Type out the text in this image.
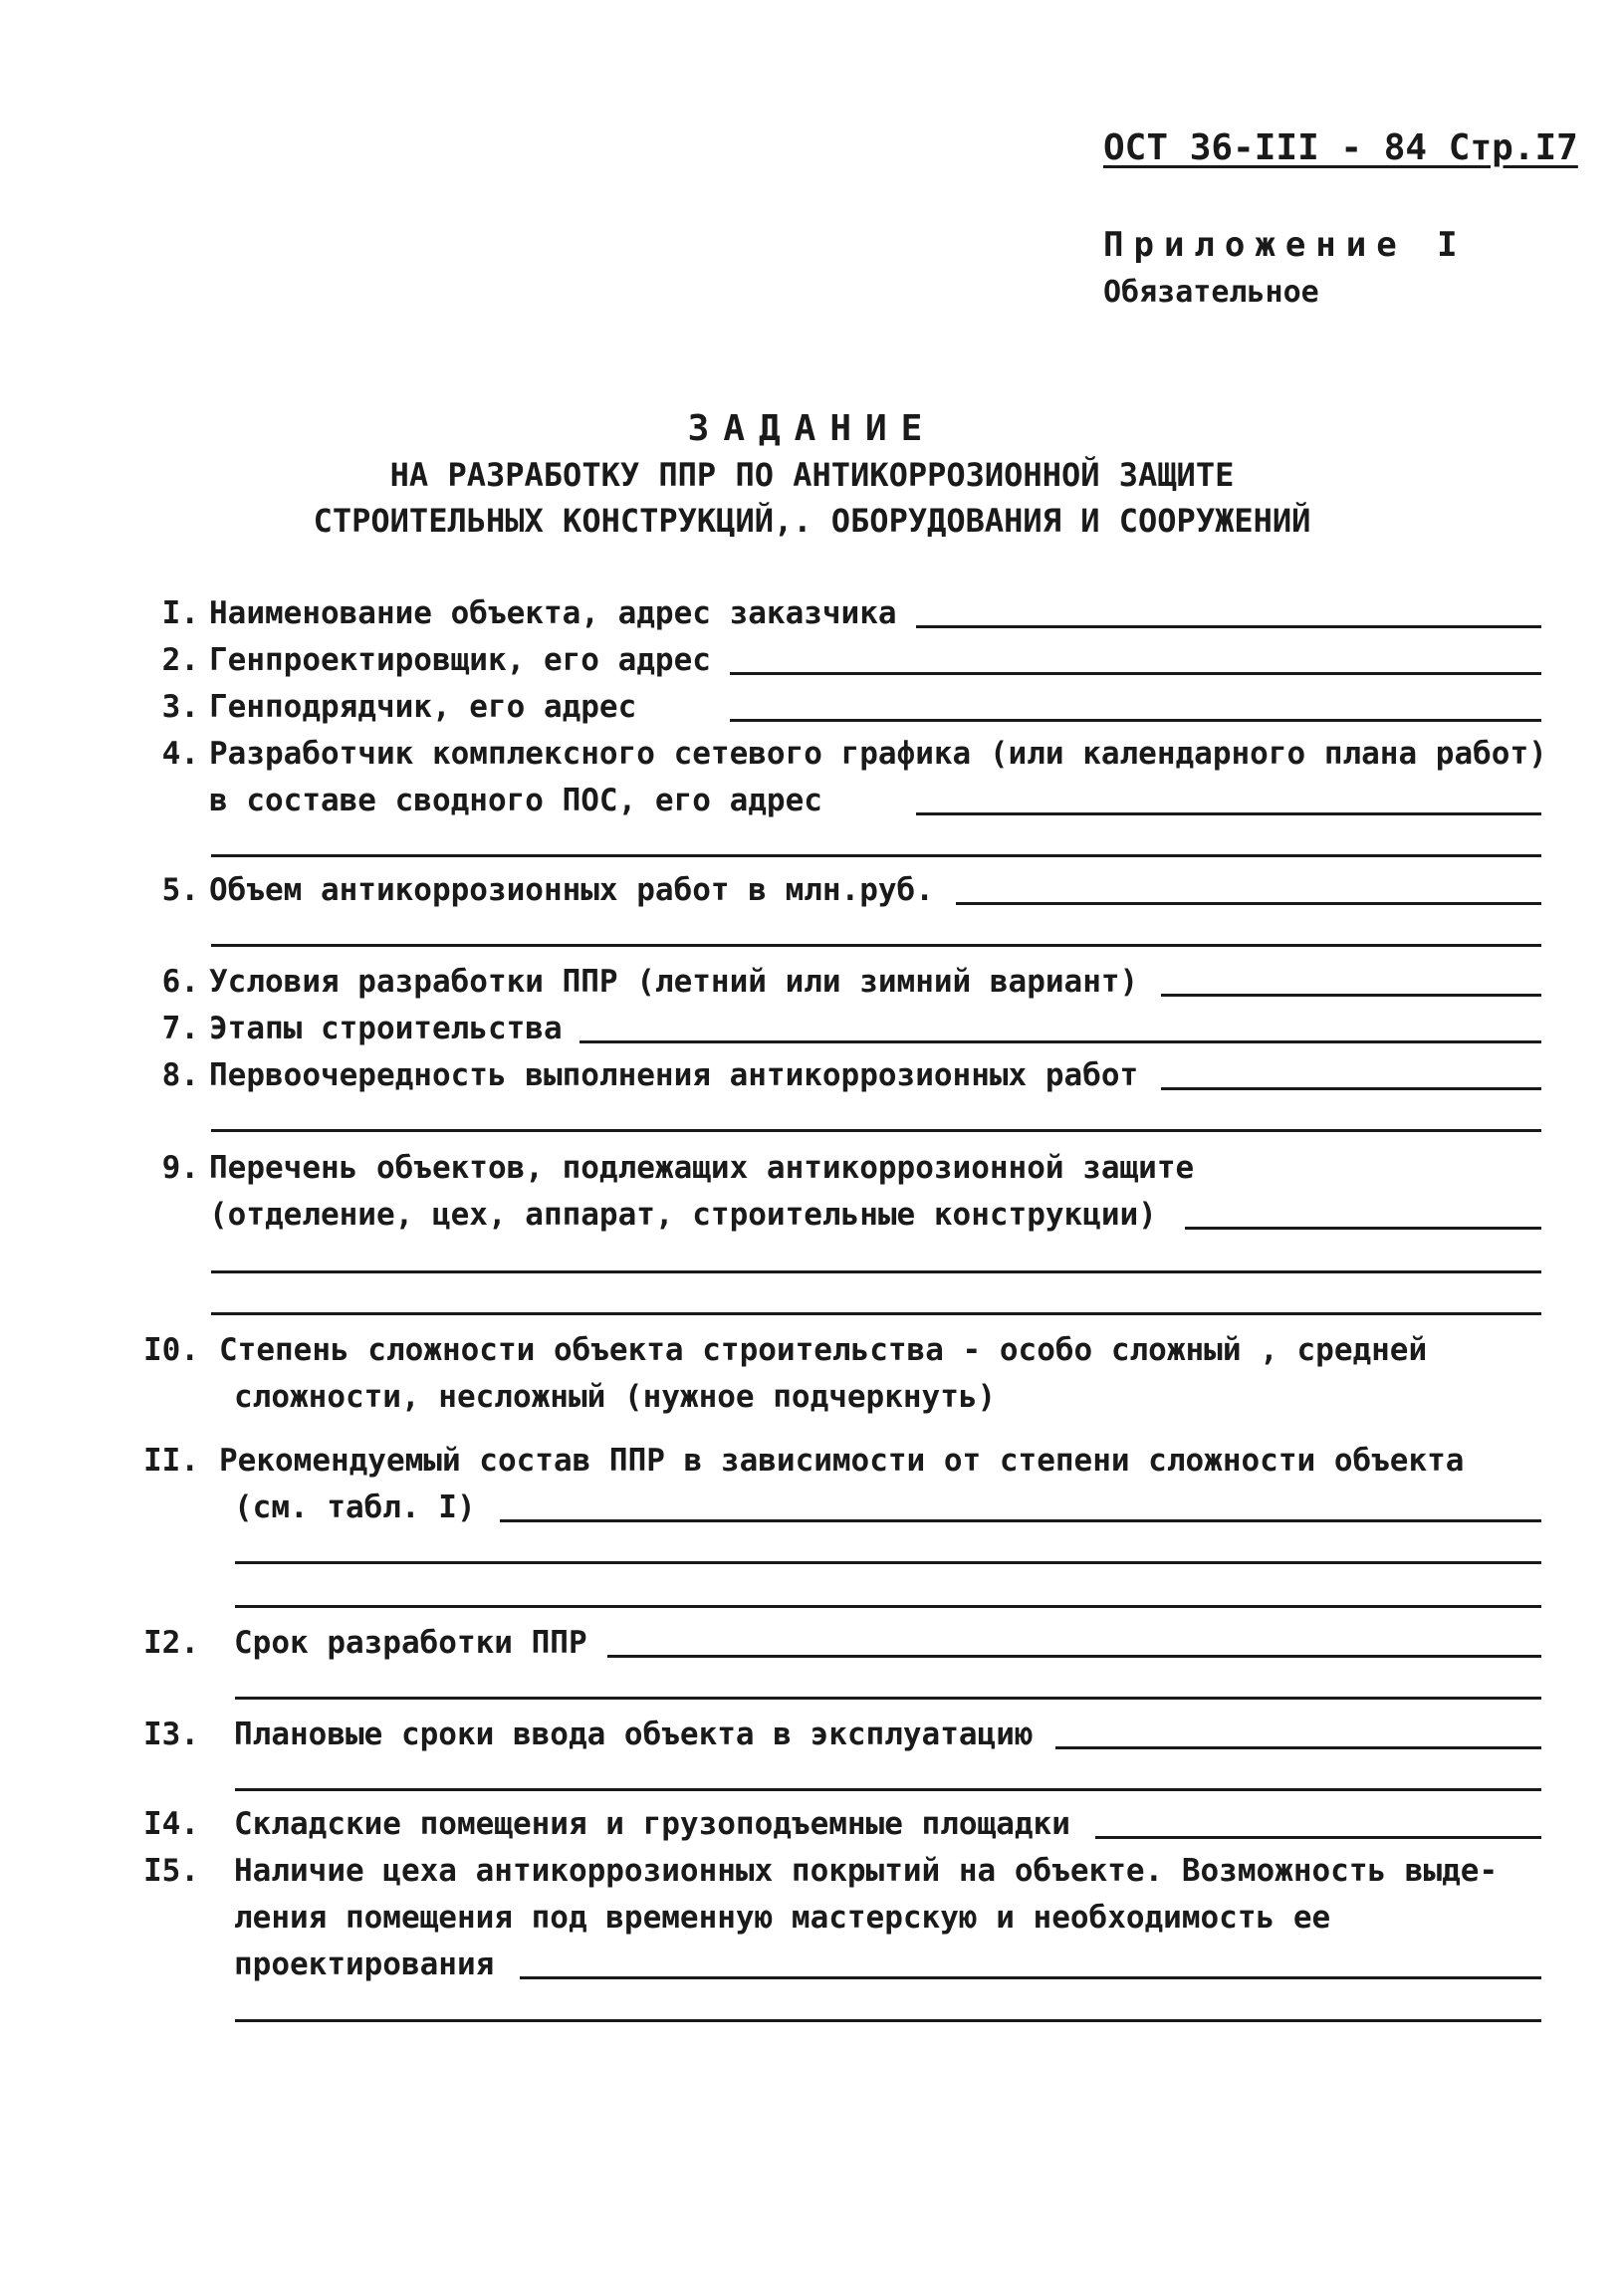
ОСТ 36-III - 84 Стр.I7
Приложение I
Обязательное
ЗАДАНИЕ
НА РАЗРАБОТКУ ППР ПО АНТИКОРРОЗИОННОЙ ЗАЩИТЕ
СТРОИТЕЛЬНЫХ КОНСТРУКЦИЙ,. ОБОРУДОВАНИЯ И СООРУЖЕНИЙ
I. Наименование объекта, адрес заказчика
2. Генпроектировщик, его адрес
3. Генподрядчик, его адрес
4. Разработчик комплексного сетевого графика (или календарного плана работ)
в составе сводного ПОС, его адрес
5. Объем антикоррозионных работ в млн.руб.
6. Условия разработки ППР (летний или зимний вариант)
7. Этапы строительства
8. Первоочередность выполнения антикоррозионных работ
9. Перечень объектов, подлежащих антикоррозионной защите
(отделение, цех, аппарат, строительные конструкции)
I0. Степень сложности объекта строительства - особо сложный , средней
сложности, несложный (нужное подчеркнуть)
II. Рекомендуемый состав ППР в зависимости от степени сложности объекта
(см. табл. I)
I2. Срок разработки ППР
I3. Плановые сроки ввода объекта в эксплуатацию
I4. Складские помещения и грузоподъемные площадки
I5. Наличие цеха антикоррозионных покрытий на объекте. Возможность выде-
ления помещения под временную мастерскую и необходимость ее
проектирования
